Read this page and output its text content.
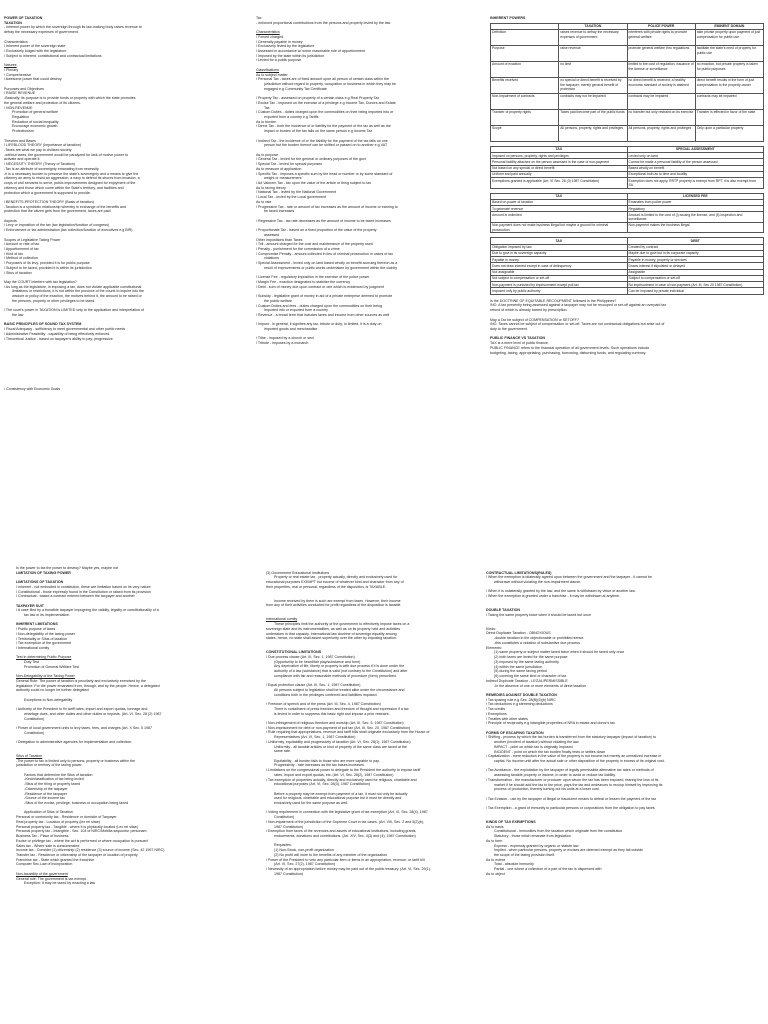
POWER OF TAXATION
TAXATION
- inherent power by which the sovereign through its law-making body raises revenue to
defray the necessary expenses of government.
Characteristics
/ Inherent power of the sovereign state
/ Exclusively lodged with the legislature
/ Subject to inherent, constitutional and contractual limitations
Natures
/ Plenary
/ Comprehensive
/ Awesome power that could destroy
Purposes and Objectives
/ RAISE REVENUE
-Basically, its purpose is to provide funds or property with which the state promotes
the general welfare and protection of its citizens.
/ NON-REVENUE
Promotion of general welfare
Regulation
Reduction of social inequality
Encourage economic growth
Protectionism
Theories and Bases
/ LIFEBLOOD THEORY (Importance of taxation)
-Taxes are what we pay to civilized society
-without taxes, the government would be paralyzed for lack of motive power to
activate and operate it.
/ NECESSITY THEORY (Theory of Taxation)
-Tax is an attribute of sovereignty emanating from necessity.
-It is a necessary burden to preserve the state's sovereignty and a means to give the
citizenry an army to resist an aggression, a navy to defend its shores from invasion, a
corps of civil servants to serve, public improvements designed for enjoyment of the
citizenry and those which come within the State's territory, and facilities and
protection which a government is supposed to provide.
/ BENEFITS-PROTECTION THEORY (Basis of taxation)
-Taxation is a symbiotic relationship whereby in exchange of the benefits and
protection that the citizen gets from the government, taxes are paid.
Aspects
/ Levy or imposition of the tax (tax legislation/function of congress)
/ Enforcement or tax administration (tax collection/function of executives e.g BIR)
Scopes of Legislative Taxing Power
/ Amount or rate of tax
/ Apportionment of tax
/ Kind of tax
/ Method of collection
/ Purpose/s of its levy, provided it is for public purpose
/ Subject to be taxed, provided it is within its jurisdiction
/ Situs of taxation
May the COURT interfere with tax legislation?
/ As long as the legislature, in imposing a tax, does not violate applicable constitutional
limitations or restrictions, it is not within the province of the courts to inquire into the
wisdom or policy of the exaction, the motives behind it, the amount to be raised or
the persons, property or other privileges to be taxed.
/ The court's power in TAXATION is LIMITED only to the application and interpretation of
the law
BASIC PRINCIPLES OF SOUND TAX SYSTEM
/ Fiscal Adequacy - sufficiency to meet governmental and other public needs
/ Administrative Feasibility - capability of being effectively enforced.
/ Theoretical Justice - based on taxpayer's ability to pay; progressive
/ Consistency with Economic Goals
Tax
- enforced proportional contributions from the persons and property levied by the law
Characteristics
/ Forced charged
/ Generally payable in money
/ Exclusively levied by the legislature
/ Assessed in accordance w/ some reasonable rule of apportionment
/ Imposed by the state within its jurisdiction
/ Levied for a public purpose
Classifications
As to subject matter
/ Personal Tax - taxes are of fixed amount upon all person of certain class within the
jurisdiction without regard to property, occupation or business in which they may be
engaged e.g Community Tax Certificate
/ Property Tax - assessed on property of a certain class e.g Real Property Tax
/ Excise Tax - imposed on the exercise of a privilege e.g Income Tax, Donors and Estate
Tax
/ Custom Duties - duties charged upon the commodities on their being imported into or
exported from a country e.g Tariffs
As to burden
/ Direct Tax - both the incidence of or liability for the payment of the tax as well as the
impact or burden of the tax falls on the same person e.g Income Tax
/ Indirect Tax - the incidence of or the liability for the payment of the tax falls on one
person but the burden thereof can be shifted or passed on to another e.g VAT
As to purpose
/ General Tax - levied for the general or ordinary purposes of the govt
/ Special Tax - levied for special purposes
As to measure of application
/ Specific Tax - imposes a specific sum by the head or number or by some standard of
weight or measurement
/ Ad Valorem Tax - tax upon the value of the article or thing subject to tax
As to taxing theory
/ National Tax - levied by the National Government
/ Local Tax - levied by the Local government
As to rate
/ Progressive Tax - rate or amount of tax increases as the amount of income or earning to
be taxed increases
/ Regressive Tax - tax rate decreases as the amount of income to be taxed increases
/ Proportionate Tax - based on a fixed proportion of the value of the property
assessed
Other Impositions than Taxes
/ Toll - amount charged for the cost and maintenance of the property used
/ Penalty - punishment for the commission of a crime
/ Compromise Penalty - amount collected in lieu of criminal prosecution in cases of tax
violations
/ Special Assessment - levied only on land based wholly on benefit accruing thereon as a
result of improvements or public works undertaken by government within the vicinity
/ License Fee - regulatory imposition in the exercise of the police power
/ Margin Fee - exaction designated to stabilize the currency
/ Debt - sum of money due upon contract or one which is evidenced by judgment
/ Subsidy - legislative grant of money in aid of a private enterprise deemed to promote
the public welfare
/ Custom Duties and fees - duties charged upon the commodities on their being
imported into or exported from a country
/ Revenue - a broad term that includes taxes and income from other sources as well
/ Impost - in general, it signifies any tax, tribute or duty; in limited, it is a duty on
imported goods and merchandise
/ Tithe - imposed by a church or sect
/ Tribute - imposes by a monarch
INHERENT POWERS
	TAXATION	POLICE POWER	EMINENT DOMAIN
Definition	raises revenue to defray the necessary expenses of government	interferes with private rights to promote general welfare	take private property upon payment of just compensation for public use
Purpose	raise revenue	promote general welfare thru regulations	facilitate the state's need of property for public use
Amount of exaction	no limit	limited to the cost of regulation, issuance of the license or surveillance	no exaction, but private property is taken for public purposes
Benefits received	no special or direct benefit is received by the taxpayer; merely general benefit of protection	no direct benefit is received; a healthy economic standard of society is attained	direct benefit results in the form of just compensation to the property owner
Non-impairment of contracts	contracts may not be impaired	contracts may be impaired	contracts may be impaired
Transfer of property rights	Taxes paid become part of the public funds	no transfer but only restraint on its exercise	Transfer is effected in favor of the state
Scope	All persons, property, rights and privileges	All persons, property, rights and privileges	Only upon a particular property
TAX	SPECIAL ASSESSMENT
Imposed on persons, property, rights and privileges	Levied only on land
Personal liability attaches on the person assessed in the case of non-payment	Cannot be made a personal liability of the person assessed
Not based on any special or direct benefit	Based wholly on benefit
Uniform and paid annually	Exceptional both as to time and locality
Exemptions granted is applicable (Art. VI Sec. 28 (3) 1987 Constitution)	Exemption does not apply. RRTP property is exempt from RPT, it is also exempt from SA.
TAX	LICENSED FEE
Based on power of taxation	Emanates from police power
To generate revenue	Regulatory
Amount is unlimited	Amount is limited to the cost of (i) issuing the license, and (ii) inspection and surveillance.
Non-payment does not make business illegal but maybe a ground for criminal prosecution.	Non-payment makes the business illegal.
TAX	DEBT
Obligation imposed by law	Created by contract
Due to govt in its sovereign capacity	Maybe due to govt but in its corporate capacity
Payable in money	Payable in money, property or services
Does not draw interest except in case of delinquency	Draws interest if stipulated or delayed
Not assignable	Assignable
Not subject to compensation or set-off	Subject to compensation or set-off
Non-payment is punished by imprisonment except poll tax	No imprisonment in case of non-payment (Art. III, Sec 20 1987 Constitution)
Imposed only by public authority	Can be imposed by private individual
Is the DOCTRINE OF EQUITABLE RECOUPMENT followed in the Philippines?
/NO. A tax presently being assessed against a taxpayer may not be recouped or set-off against an overpaid tax
refund of which is already barred by prescription.
May a Tax be subject of COMPENSATION or SETOFF?
/NO. Taxes cannot be subject of compensation or set-off. Taxes are not contractual obligations but arise out of
duty to the government.
PUBLIC FINANCE VS TAXATION
TAX is a mere level of public finance.
PUBLIC FINANCE refers to the financial operation of all government levels. Such operations include
budgeting, taxing, appropriating, purchasing, borrowing, disbursing funds, and regulating currency.
Is the power to tax the power to destroy? Maybe yes, maybe not
LIMITATION OF TAXING POWER
LIMITATIONS OF TAXATION
/ Inherent - not embodied in constitution, these are limitation based on its very nature
/ Constitutional - those expressly found in the Constitution or raised from its provision
/ Contractual - based a contract entered between the taxpayer and another
TAXPAYER SUIT
/ A case filed by a bonafide taxpayer impugning the validity, legality or constitutionality of a
tax law or its implementation
INHERENT LIMITATIONS
/ Public purpose of taxes
/ Non-delegability of the taxing power
/ Territoriality or Situs of taxation
/ Tax exemption of the government
/ International comity
Test in determining Public Purpose
Duty Test
Promotion of General Welfare Test
Non-Delegability of the Taxing Power
General Rule: The power of taxation is peculiarly and exclusively exercised by the
legislature. For the power emanated from, through, and by the people. Hence, a delegated
authority could no longer be further delegated.
Exceptions to Non-delegability
/ Authority of the President to fix tariff rates, import and export quotas, tonnage and
wharfage dues, and other duties and other duties or imposts. (Art. VI, Sec. 28 (2) 1987
Constitution)
/ Power of local government units to levy taxes, fees, and charges (Art. X Sec. 5 1987
Constitution)
/ Delegation to administrative agencies for implementation and collection.
Situs of Taxation
-The power to tax is limited only to persons, property or business within the
jurisdiction or territory of the taxing power.
Factors that determine the Situs of taxation
-Kind/classification of tax being levied
-Situs of the thing or property taxed
-Citizenship of the taxpayer
-Residence of the taxpayer
-Source of the income tax
-Situs of the excise, privilege, business or occupation being taxed
Application of Situs of Taxation
Personal or community tax - Residence or domicile of Taxpayer
Real property tax - Location of property (lex rei sitae)
Personal property tax - Tangible - where it is physically located (Lex rei sitae)
Personal property tax - Intangible - Sec. 104 of NIRC/Mobilia sequuntur personam
Business Tax - Place of business
Excise or privilege tax - where the act is performed or where occupation is pursued
Sales tax - Where sale is consummated
Income tax - Consider (1) citizenship (2) residence (3) source of income (Sec. 42 1997 NIRC)
Transfer tax - Residence or citizenship of the taxpayer or location of property
Franchise tax - State which granted the franchise
Computer Sec.Law of incorporation
Non-taxability of the government
General rule: The government is tax exempt.
Exception: It may be taxed by enacting a law
(3) Government Educational Institutions
Property or real estate tax - property actually, directly and exclusively used for
educational purposes EXEMPT but income of whatever kind and character from any of
their properties, real or personal, regardless of the disposition, is TAXABLE.
Income received by them is such are exempt from taxes. However, their income
from any of their activities conducted for profit regardless of the disposition is taxable.
International comity
These principles limit the authority of the government to effectively impose taxes on a
sovereign state and its instrumentalities, as well as on its property held and activities
undertaken in that capacity. International law doctrine of sovereign equality among
states, hence, no state shall assert superiority over the other by imposing taxation.
CONSTITUTIONAL LIMITATIONS
/ Due process clause (Art. III, Sec. 1, 1987 Constitution)
(Opportunity to be heard/fair play/substance and form)
Any deprivation of life, liberty or property is with due process if it is done under the
authority of a law (substance) that is valid (not contrary to the Constitution) and after
compliance with fair and reasonable methods of procedure (form) prescribed.
/ Equal protection clause (Art. III, Sec. 1, 1987 Constitution)
All persons subject to legislation shall be treated alike under the circumstance and
conditions both in the privileges conferred and liabilities imposed.
/ Freedom of speech and of the press (Art. III, Sec. 4, 1987 Constitution)
There is curtailment of press freedom and freedom of thought and expression if a tax
is levied in order to suppress this basic right and impose a prior restraint.
/ Non-infringement of religious freedom and worship (Art. III, Sec. 5, 1987 Constitution)
/ Non-imprisonment for debt or non-payment of poll tax (Art. III, Sec. 20, 1987 Constitution)
/ Rule requiring that appropriations, revenue and tariff bills shall originate exclusively from the House of
Representatives (Art. VI, Sec. 1, 1987 Constitution)
/ Uniformity, equitability and progressivity of taxation (Art. VI, Sec. 28(1), 1987 Constitution)
Uniformity - all taxable articles or kind of property of the same class are taxed at the
same rate.
Equitability - all burden falls to those who are more capable to pay.
Progressivity - rate increases as the tax bases increases
/ Limitations on the congressional power to delegate to the President the authority to impose tariff
rates, import and export quotas, etc. (Art. VI, Sec. 28(2), 1987 Constitution)
/ Tax exemption of properties actually, directly and exclusively used for religious, charitable and
educational purposes (Art. VI, Sec. 28(3), 1987 Constitution)
Before a property may be exempt from payment of a tax, it must not only be actually
used for religious, charitable and educational purpose but it must be directly and
exclusively used for the same purpose as well.
/ Voting requirement in connection with the legislative grant of tax exemption (Art. VI, Sec. 28(4), 1987
Constitution)
/ Non-impairment of the jurisdiction of the Supreme Court in tax cases. (Art. VIII, Sec. 2 and 5(2)(b),
1987 Constitution)
/ Exemption from taxes of the revenues and assets of educational institutions, including grants,
endowments, donations and contributions. (Art. XIV, Sec. 4(3) and (4), 1987 Constitution)
Requisites:
(1) Non-Stock, non-profit organization
(2) No profit will inure to the benefits of any member of the organization
/ Power of the President to veto any particular item or items in an appropriation, revenue, or tariff bill.
(Art. VI, Sec. 27(2), 1987 Constitution)
/ Necessity of an appropriation before money may be paid out of the public treasury. (Art. VI, Sec. 29(1),
1987 Constitution)
CONTRACTUAL LIMITATIONS(RULES)
/ When the exemption is bilaterally agreed upon between the government and the taxpayer - it cannot be
withdrawn without violating the non-impairment clause.
/ When it is unilaterally granted by the law, and the same is withdrawn by virtue of another law.
/ When the exemption is granted under a franchise - it may be withdrawn at anytime.
DOUBLE TAXATION
/ Taxing the same property twice when it should be taxed but once
Kinds:
Direct Duplicate Taxation - OBNOXIOUS
-double taxation in the objectionable or prohibited sense.
-this constitutes a violation of substantive due process
Elements:
(1) same property or subject matter taxed twice when it should be taxed only once
(2) both taxes are levied for the same purpose
(3) imposed by the same taxing authority
(4) within the same jurisdiction
(5) during the same taxing period
(6) covering the same kind or character of tax
Indirect Duplicate Taxation - LEGAL/PERMISSIBLE
-In the absence of one or more elements of direct taxation
REMEDIES AGAINST DOUBLE TAXATION
/ Tax sparing rule e.g Sec. 28(B)(5)(b) NIRC
/ Tax deductions e.g stemming deductions
/ Tax credits
/ Exemptions
/ Treaties with other states
/ Principle of reciprocity e.g intangible properties of NRA in estate and donor's tax
FORMS OF ESCAPING TAXATION
/ Shifting - process by which the tax burden is transferred from the statutory taxpayer (impact of taxation) to
another (incident of taxation) without violating the law.
IMPACT - point on which tax is originally imposed
INCIDENT - point on which the tax burden finally rests or settles down
/ Capitalization - mere reduction in the value of the property is not income but merely an unrealized increase in
capital. No income until after the actual sale or other disposition of the property in excess of its original cost.
/ Tax Avoidance - the exploitation by the taxpayer of legally permissible alternative tax rates or methods of
assessing taxable property or income, in order to avoid or reduce tax liability.
/ Transformation - the manufacturer or producer upon whom the tax has been imposed, fearing the loss of its
market if he should add the tax to the price, pays the tax and endeavors to recoup himself by improving its
process of production, thereby turning out his units at a lower cost.
/ Tax Evasion - use by the taxpayer of illegal or fraudulent means to defeat or lessen the payment of the tax
/ Tax Exemption - a grant of immunity to particular persons or corporations from the obligation to pay taxes
KINDS OF TAX EXEMPTIONS
As to basis
Constitutional - immunities from the taxation which originate from the constitution
Statutory - those which emanate from legislation
As to form
Express - expressly granted by organic or statute law
Implied - when particular persons, property or excises are deemed exempt as they fall outside
the scope of the taxing provision itself.
As to extent
Total - absolute immunity
Partial - one where a collection of a part of the tax is dispensed with
As to object
